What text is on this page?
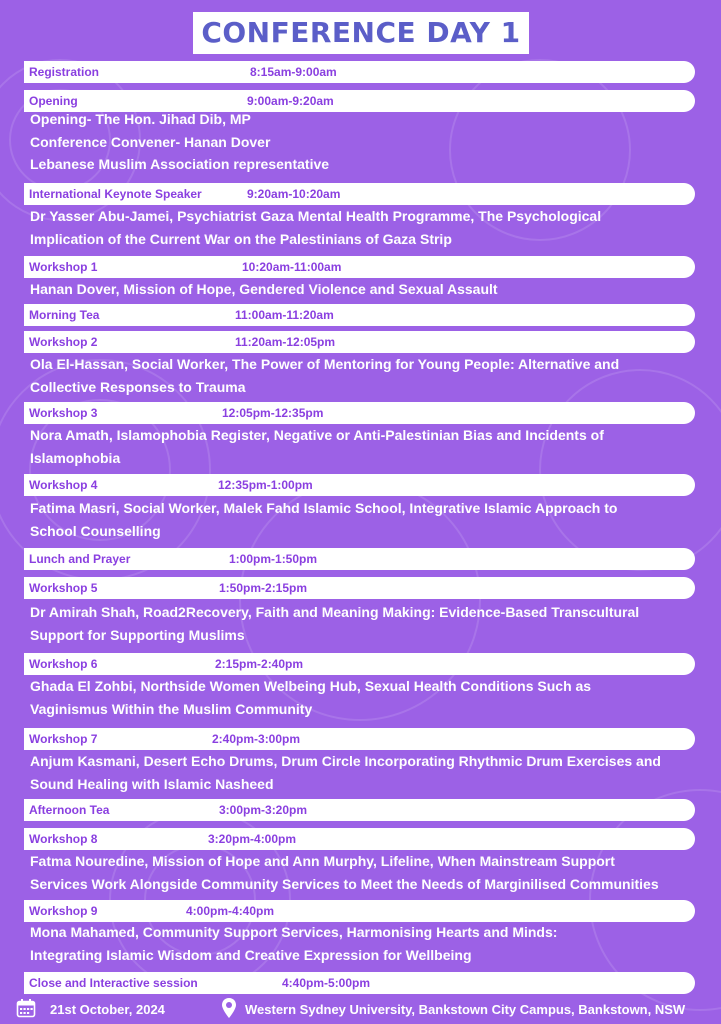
CONFERENCE DAY 1
Registration	8:15am-9:00am
Opening	9:00am-9:20am
Opening- The Hon. Jihad Dib, MP
Conference Convener- Hanan Dover
Lebanese Muslim Association representative
International Keynote Speaker	9:20am-10:20am
Dr Yasser Abu-Jamei, Psychiatrist Gaza Mental Health Programme, The Psychological
Implication of the Current War on the Palestinians of Gaza Strip
Workshop 1	10:20am-11:00am
Hanan Dover, Mission of Hope, Gendered Violence and Sexual Assault
Morning Tea	11:00am-11:20am
Workshop 2	11:20am-12:05pm
Ola El-Hassan, Social Worker, The Power of Mentoring for Young People: Alternative and
Collective Responses to Trauma
Workshop 3	12:05pm-12:35pm
Nora Amath, Islamophobia Register, Negative or Anti-Palestinian Bias and Incidents of
Islamophobia
Workshop 4	12:35pm-1:00pm
Fatima Masri, Social Worker, Malek Fahd Islamic School, Integrative Islamic Approach to
School Counselling
Lunch and Prayer	1:00pm-1:50pm
Workshop 5	1:50pm-2:15pm
Dr Amirah Shah, Road2Recovery, Faith and Meaning Making: Evidence-Based Transcultural
Support for Supporting Muslims
Workshop 6	2:15pm-2:40pm
Ghada El Zohbi, Northside Women Welbeing Hub, Sexual Health Conditions Such as
Vaginismus Within the Muslim Community
Workshop 7	2:40pm-3:00pm
Anjum Kasmani, Desert Echo Drums, Drum Circle Incorporating Rhythmic Drum Exercises and
Sound Healing with Islamic Nasheed
Afternoon Tea	3:00pm-3:20pm
Workshop 8	3:20pm-4:00pm
Fatma Nouredine, Mission of Hope and Ann Murphy, Lifeline, When Mainstream Support
Services Work Alongside Community Services to Meet the Needs of Marginilised Communities
Workshop 9	4:00pm-4:40pm
Mona Mahamed, Community Support Services, Harmonising Hearts and Minds:
Integrating Islamic Wisdom and Creative Expression for Wellbeing
Close and Interactive session	4:40pm-5:00pm
21st October, 2024	Western Sydney University, Bankstown City Campus, Bankstown, NSW
